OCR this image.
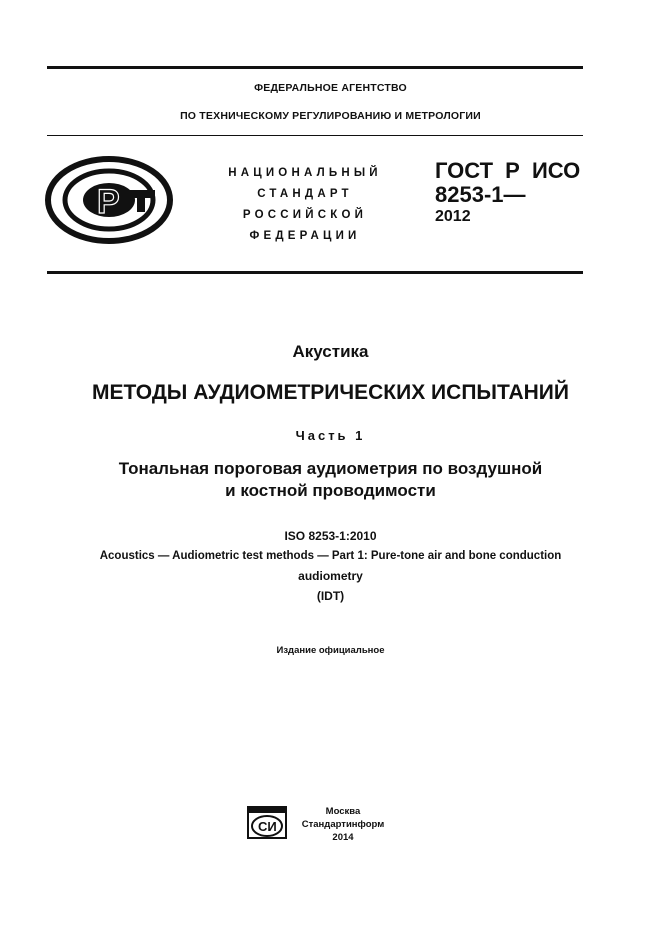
ФЕДЕРАЛЬНОЕ АГЕНТСТВО
ПО ТЕХНИЧЕСКОМУ РЕГУЛИРОВАНИЮ И МЕТРОЛОГИИ
Р
НАЦИОНАЛЬНЫЙ
СТАНДАРТ
РОССИЙСКОЙ
ФЕДЕРАЦИИ
ГОСТ Р ИСО
8253-1—
2012
Акустика
МЕТОДЫ АУДИОМЕТРИЧЕСКИХ ИСПЫТАНИЙ
Часть 1
Тональная пороговая аудиометрия по воздушной
и костной проводимости
ISO 8253-1:2010
Acoustics — Audiometric test methods — Part 1: Pure-tone air and bone conduction
audiometry
(IDT)
Издание официальное
СИ
Москва
Стандартинформ
2014
